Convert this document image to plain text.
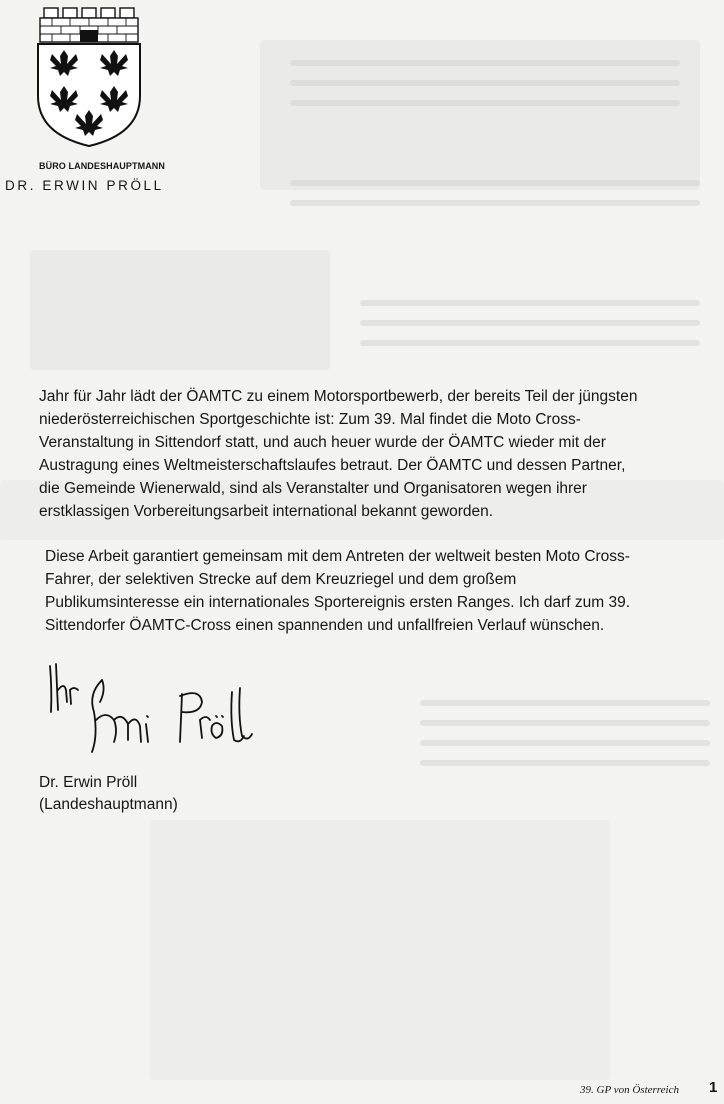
BÜRO LANDESHAUPTMANN
DR. ERWIN PRÖLL
Jahr für Jahr lädt der ÖAMTC zu einem Motorsportbewerb, der bereits Teil der jüngsten
niederösterreichischen Sportgeschichte ist: Zum 39. Mal findet die Moto Cross-
Veranstaltung in Sittendorf statt, und auch heuer wurde der ÖAMTC wieder mit der
Austragung eines Weltmeisterschaftslaufes betraut. Der ÖAMTC und dessen Partner,
die Gemeinde Wienerwald, sind als Veranstalter und Organisatoren wegen ihrer
erstklassigen Vorbereitungsarbeit international bekannt geworden.
Diese Arbeit garantiert gemeinsam mit dem Antreten der weltweit besten Moto Cross-
Fahrer, der selektiven Strecke auf dem Kreuzriegel und dem großem
Publikumsinteresse ein internationales Sportereignis ersten Ranges. Ich darf zum 39.
Sittendorfer ÖAMTC-Cross einen spannenden und unfallfreien Verlauf wünschen.
Dr. Erwin Pröll
(Landeshauptmann)
39. GP von Österreich 1
